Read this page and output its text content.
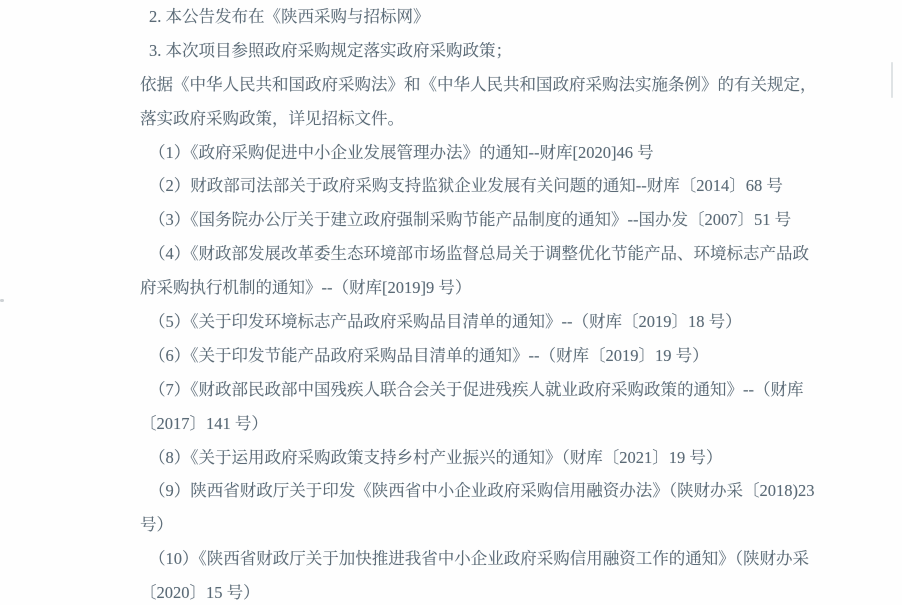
2. 本公告发布在《陕西采购与招标网》
3. 本次项目参照政府采购规定落实政府采购政策；
依据《中华人民共和国政府采购法》和《中华人民共和国政府采购法实施条例》的有关规定，
落实政府采购政策，详见招标文件。
（1）《政府采购促进中小企业发展管理办法》的通知--财库[2020]46 号
（2）财政部司法部关于政府采购支持监狱企业发展有关问题的通知--财库〔2014〕68 号
（3）《国务院办公厅关于建立政府强制采购节能产品制度的通知》--国办发〔2007〕51 号
（4）《财政部发展改革委生态环境部市场监督总局关于调整优化节能产品、环境标志产品政
府采购执行机制的通知》--（财库[2019]9 号）
（5）《关于印发环境标志产品政府采购品目清单的通知》--（财库〔2019〕18 号）
（6）《关于印发节能产品政府采购品目清单的通知》--（财库〔2019〕19 号）
（7）《财政部民政部中国残疾人联合会关于促进残疾人就业政府采购政策的通知》--（财库
〔2017〕141 号）
（8）《关于运用政府采购政策支持乡村产业振兴的通知》（财库〔2021〕19 号）
（9）陕西省财政厅关于印发《陕西省中小企业政府采购信用融资办法》（陕财办采〔2018)23
号）
（10）《陕西省财政厅关于加快推进我省中小企业政府采购信用融资工作的通知》（陕财办采
〔2020〕15 号）
